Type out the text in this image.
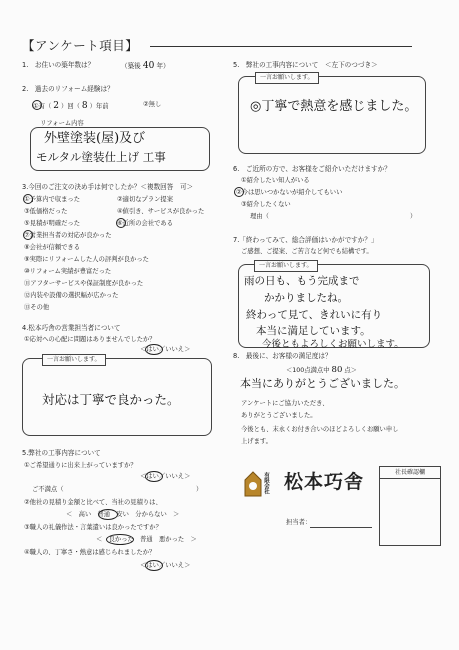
【アンケート項目】
1.　お住いの築年数は？	（築後 40 年）
2.　過去のリフォーム経験は？
①有（ 2 ）回（ 8 ）年前	②無し
リフォーム内容
外壁塗装(屋)及び
モルタル塗装仕上げ 工事
3.今回のご注文の決め手は何でしたか？＜複数回答　可＞
①予算内で収まった	②適切なプラン提案
③低価格だった	④値引き、サービスが良かった
⑤見積が明確だった	⑥近所の会社である
⑦営業担当者の対応が良かった
⑧会社が信頼できる
⑨実際にリフォームした人の評判が良かった
⑩リフォーム実績が豊富だった
⑪アフターサービスや保証制度が良かった
⑫内装や設備の選択幅が広かった
⑬その他
4.松本巧舎の営業担当者について
①応対への心配に問題はありませんでしたか？
＜はい／いいえ＞
一言お願いします。
対応は丁寧で良かった。
5.弊社の工事内容について
①ご希望通りに出来上がっていますか？
＜はい／いいえ＞
ご不満点（	）
②他社の見積り金額と比べて、当社の見積りは、
＜　高い　普通　安い　分からない　＞
③職人の礼儀作法・言葉遣いは良かったですか？
＜　良かった　普通　悪かった　＞
④職人の、丁寧さ・熱意は感じられましたか？
＜はい／いいえ＞
5.　弊社の工事内容について　＜左下のつづき＞
一言お願いします。
◎丁寧で熱意を感じました。
6.　ご近所の方で、お客様をご紹介いただけますか？
①紹介したい知人がいる
②今は思いつかないが紹介してもいい
③紹介したくない
理由（	）
7.「終わってみて、総合評価はいかがですか？」
ご感想、ご提案、ご苦言など何でも結構です。
一言お願いします。
雨の日も、もう完成まで
かかりましたね。
終わって見て、きれいに有り
本当に満足しています。
今後ともよろしくお願いします。
8.　最後に、お客様の満足度は？
＜100点満点中 80 点＞
本当にありがとうございました。
アンケートにご協力いただき、
ありがとうございました。
今後とも、末永くお付き合いのほどよろしくお願い申し
上げます。
有限会社 松本巧舎	社長確認欄
担当者：
